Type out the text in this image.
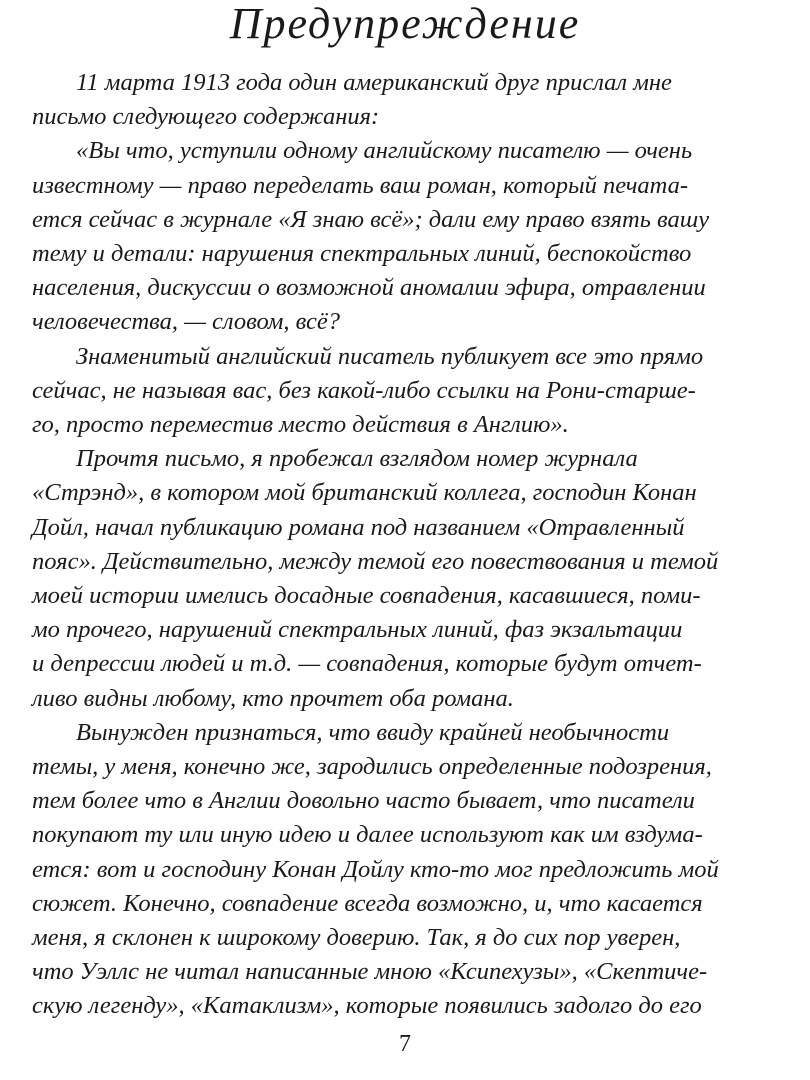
Предупреждение

11 марта 1913 года один американский друг прислал мне
письмо следующего содержания:

«Вы что, уступили одному английскому писателю — очень
известному — право переделать ваш роман, который печата-
ется сейчас в журнале «Я знаю всё»; дали ему право взять вашу
тему и детали: нарушения спектральных линий, беспокойство
населения, дискуссии о возможной аномалии эфира, отравлении
человечества, — словом, всё?

Знаменитый английский писатель публикует все это прямо
сейчас, не называя вас, без какой-либо ссылки на Рони-старше-
го, просто переместив место действия в Англию».

Прочтя письмо, я пробежал взглядом номер журнала
«Стрэнд», в котором мой британский коллега, господин Конан
Дойл, начал публикацию романа под названием «Отравленный
пояс». Действительно, между темой его повествования и темой
моей истории имелись досадные совпадения, касавшиеся, поми-
мо прочего, нарушений спектральных линий, фаз экзальтации
и депрессии людей и т.д. — совпадения, которые будут отчет-
ливо видны любому, кто прочтет оба романа.

Вынужден признаться, что ввиду крайней необычности
темы, у меня, конечно же, зародились определенные подозрения,
тем более что в Англии довольно часто бывает, что писатели
покупают ту или иную идею и далее используют как им вздума-
ется: вот и господину Конан Дойлу кто-то мог предложить мой
сюжет. Конечно, совпадение всегда возможно, и, что касается
меня, я склонен к широкому доверию. Так, я до сих пор уверен,
что Уэллс не читал написанные мною «Ксипехузы», «Скептиче-
скую легенду», «Катаклизм», которые появились задолго до его

7
